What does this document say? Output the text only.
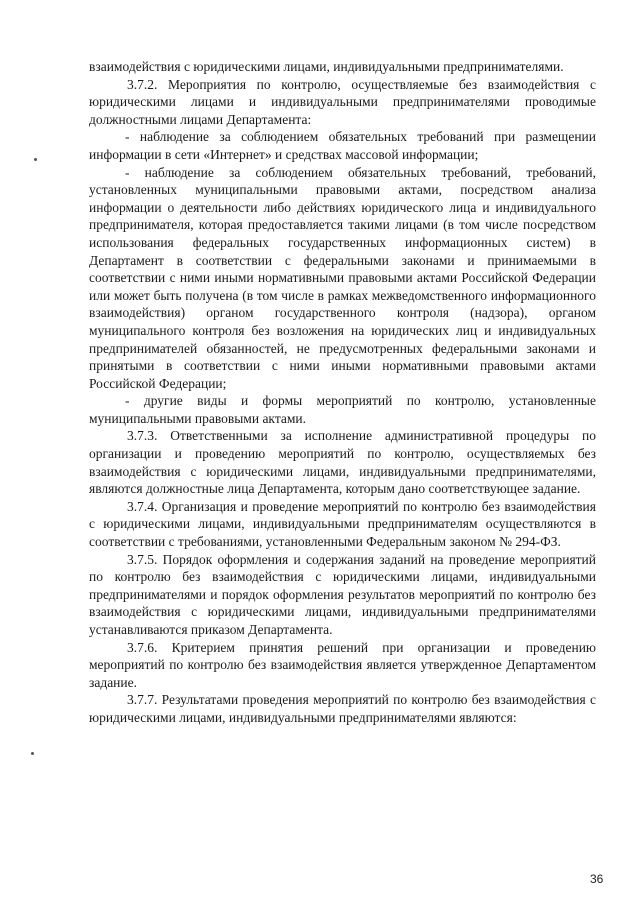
взаимодействия с юридическими лицами, индивидуальными предпринимателями.

3.7.2. Мероприятия по контролю, осуществляемые без взаимодействия с юридическими лицами и индивидуальными предпринимателями проводимые должностными лицами Департамента:

- наблюдение за соблюдением обязательных требований при размещении информации в сети «Интернет» и средствах массовой информации;

- наблюдение за соблюдением обязательных требований, требований, установленных муниципальными правовыми актами, посредством анализа информации о деятельности либо действиях юридического лица и индивидуального предпринимателя, которая предоставляется такими лицами (в том числе посредством использования федеральных государственных информационных систем) в Департамент в соответствии с федеральными законами и принимаемыми в соответствии с ними иными нормативными правовыми актами Российской Федерации или может быть получена (в том числе в рамках межведомственного информационного взаимодействия) органом государственного контроля (надзора), органом муниципального контроля без возложения на юридических лиц и индивидуальных предпринимателей обязанностей, не предусмотренных федеральными законами и принятыми в соответствии с ними иными нормативными правовыми актами Российской Федерации;

- другие виды и формы мероприятий по контролю, установленные муниципальными правовыми актами.

3.7.3. Ответственными за исполнение административной процедуры по организации и проведению мероприятий по контролю, осуществляемых без взаимодействия с юридическими лицами, индивидуальными предпринимателями, являются должностные лица Департамента, которым дано соответствующее задание.

3.7.4. Организация и проведение мероприятий по контролю без взаимодействия с юридическими лицами, индивидуальными предпринимателям осуществляются в соответствии с требованиями, установленными Федеральным законом № 294-ФЗ.

3.7.5. Порядок оформления и содержания заданий на проведение мероприятий по контролю без взаимодействия с юридическими лицами, индивидуальными предпринимателями и порядок оформления результатов мероприятий по контролю без взаимодействия с юридическими лицами, индивидуальными предпринимателями устанавливаются приказом Департамента.

3.7.6. Критерием принятия решений при организации и проведению мероприятий по контролю без взаимодействия является утвержденное Департаментом задание.

3.7.7. Результатами проведения мероприятий по контролю без взаимодействия с юридическими лицами, индивидуальными предпринимателями являются:

36
